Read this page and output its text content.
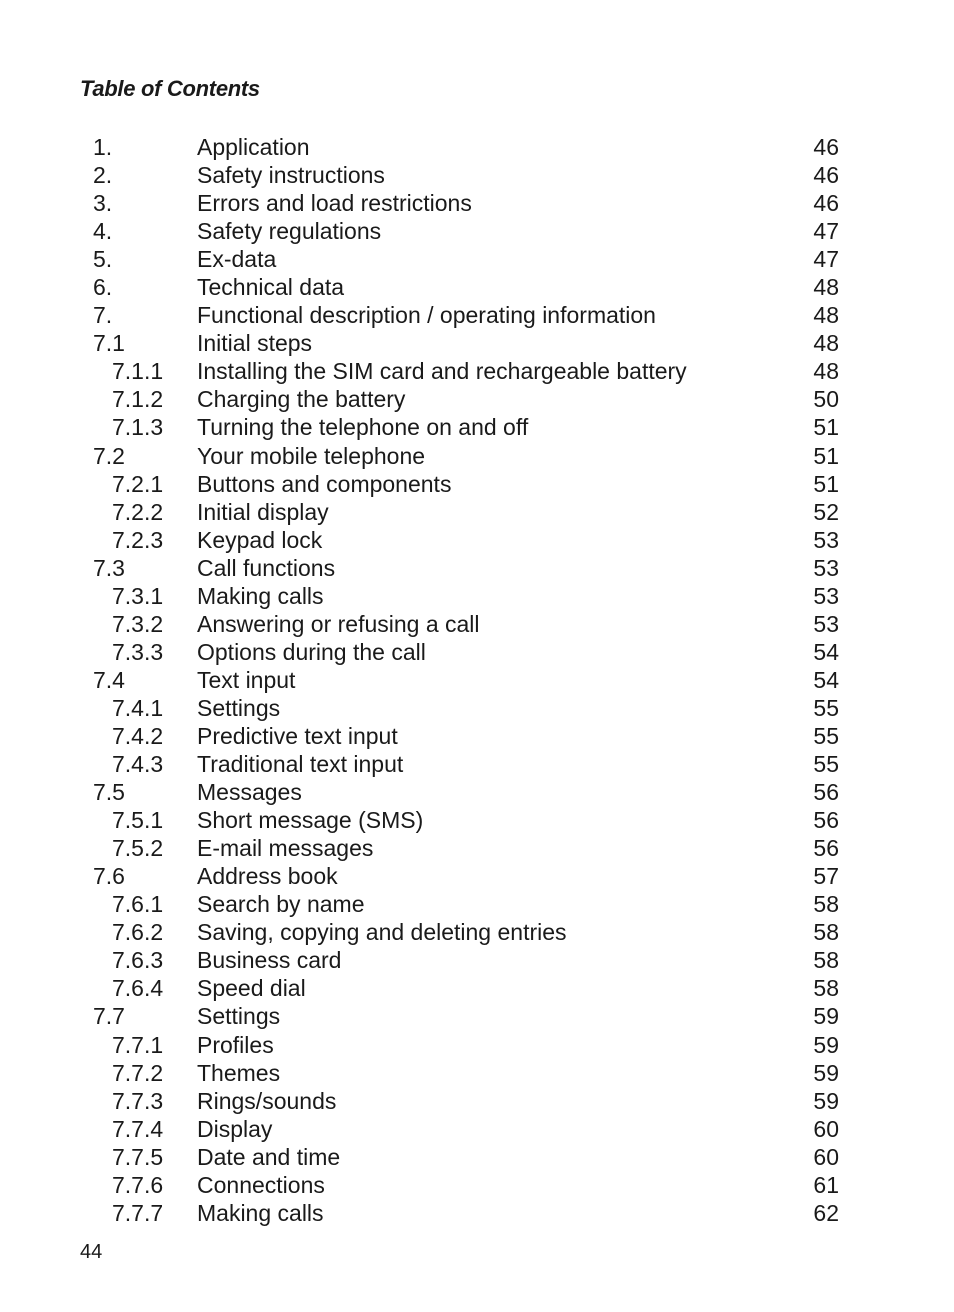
Table of Contents
1.	Application	46
2.	Safety instructions	46
3.	Errors and load restrictions	46
4.	Safety regulations	47
5.	Ex-data	47
6.	Technical data	48
7.	Functional description / operating information	48
7.1	Initial steps	48
7.1.1 Installing the SIM card and rechargeable battery	48
7.1.2 Charging the battery	50
7.1.3 Turning the telephone on and off	51
7.2	Your mobile telephone	51
7.2.1 Buttons and components	51
7.2.2 Initial display	52
7.2.3 Keypad lock	53
7.3	Call functions	53
7.3.1 Making calls	53
7.3.2 Answering or refusing a call	53
7.3.3 Options during the call	54
7.4	Text input	54
7.4.1 Settings	55
7.4.2 Predictive text input	55
7.4.3 Traditional text input	55
7.5	Messages	56
7.5.1 Short message (SMS)	56
7.5.2 E-mail messages	56
7.6	Address book	57
7.6.1 Search by name	58
7.6.2 Saving, copying and deleting entries	58
7.6.3 Business card	58
7.6.4 Speed dial	58
7.7	Settings	59
7.7.1 Profiles	59
7.7.2 Themes	59
7.7.3 Rings/sounds	59
7.7.4 Display	60
7.7.5 Date and time	60
7.7.6 Connections	61
7.7.7 Making calls	62
44
